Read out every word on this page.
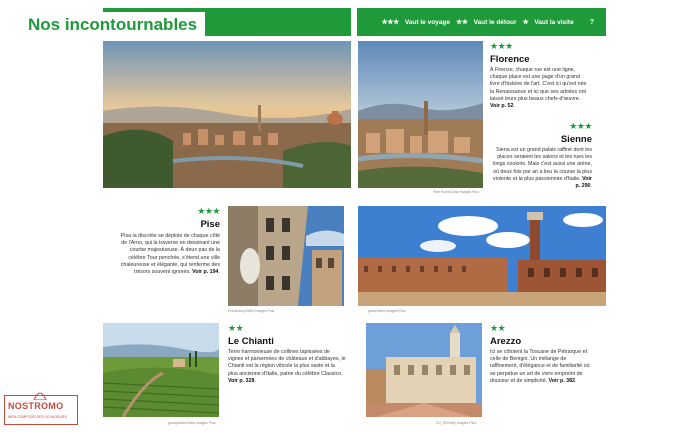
Nos incontournables	★★★ Vaut le voyage ★★ Vaut le détour ★ Vaut la visite ?
Pam Kurtz/Getty Images Plus
★★★
Florence
À Firenze, chaque rue est une ligne, chaque place est une page d'un grand livre d'histoire de l'art. C'est ici qu'est née la Renaissance et ici que ses artistes ont laissé leurs plus beaux chefs-d'œuvre. Voir p. 52.
★★★
Sienne
Siena est un grand palais raffiné dont les places seraient les salons et les rues les longs couloirs. Mais c'est aussi une arène, où deux fois par an a lieu la course la plus violente et la plus passionnée d'Italie. Voir p. 290.
★★★
Pise
Pisa la discrète se déploie de chaque côté de l'Arno, qui la traverse en dessinant une courbe majestueuse. À deux pas de la célèbre Tour penchée, s'étend une ville chaleureuse et élégante, qui renferme des trésors souvent ignorés. Voir p. 194.
Christoboy/Getty Images Plus	jarbo/Getty Images Plus
goodpaintic/Getty Images Plus
★★
Le Chianti
Terre harmonieuse de collines tapissées de vignes et parsemées de châteaux et d'abbayes, le Chianti est la région viticole la plus vaste et la plus ancienne d'Italie, patrie du célèbre Classico. Voir p. 328.
ZU_09/Getty Images Plus
★★
Arezzo
Ici se côtoient la Toscane de Pétrarque et celle de Benigni. Un mélange de raffinement, d'élégance et de familiarité où se perpétue un art de vivre empreint de douceur et de simplicité. Voir p. 382.
NOSTROMO
WEB COMPTOIR DES VOYAGEURS
